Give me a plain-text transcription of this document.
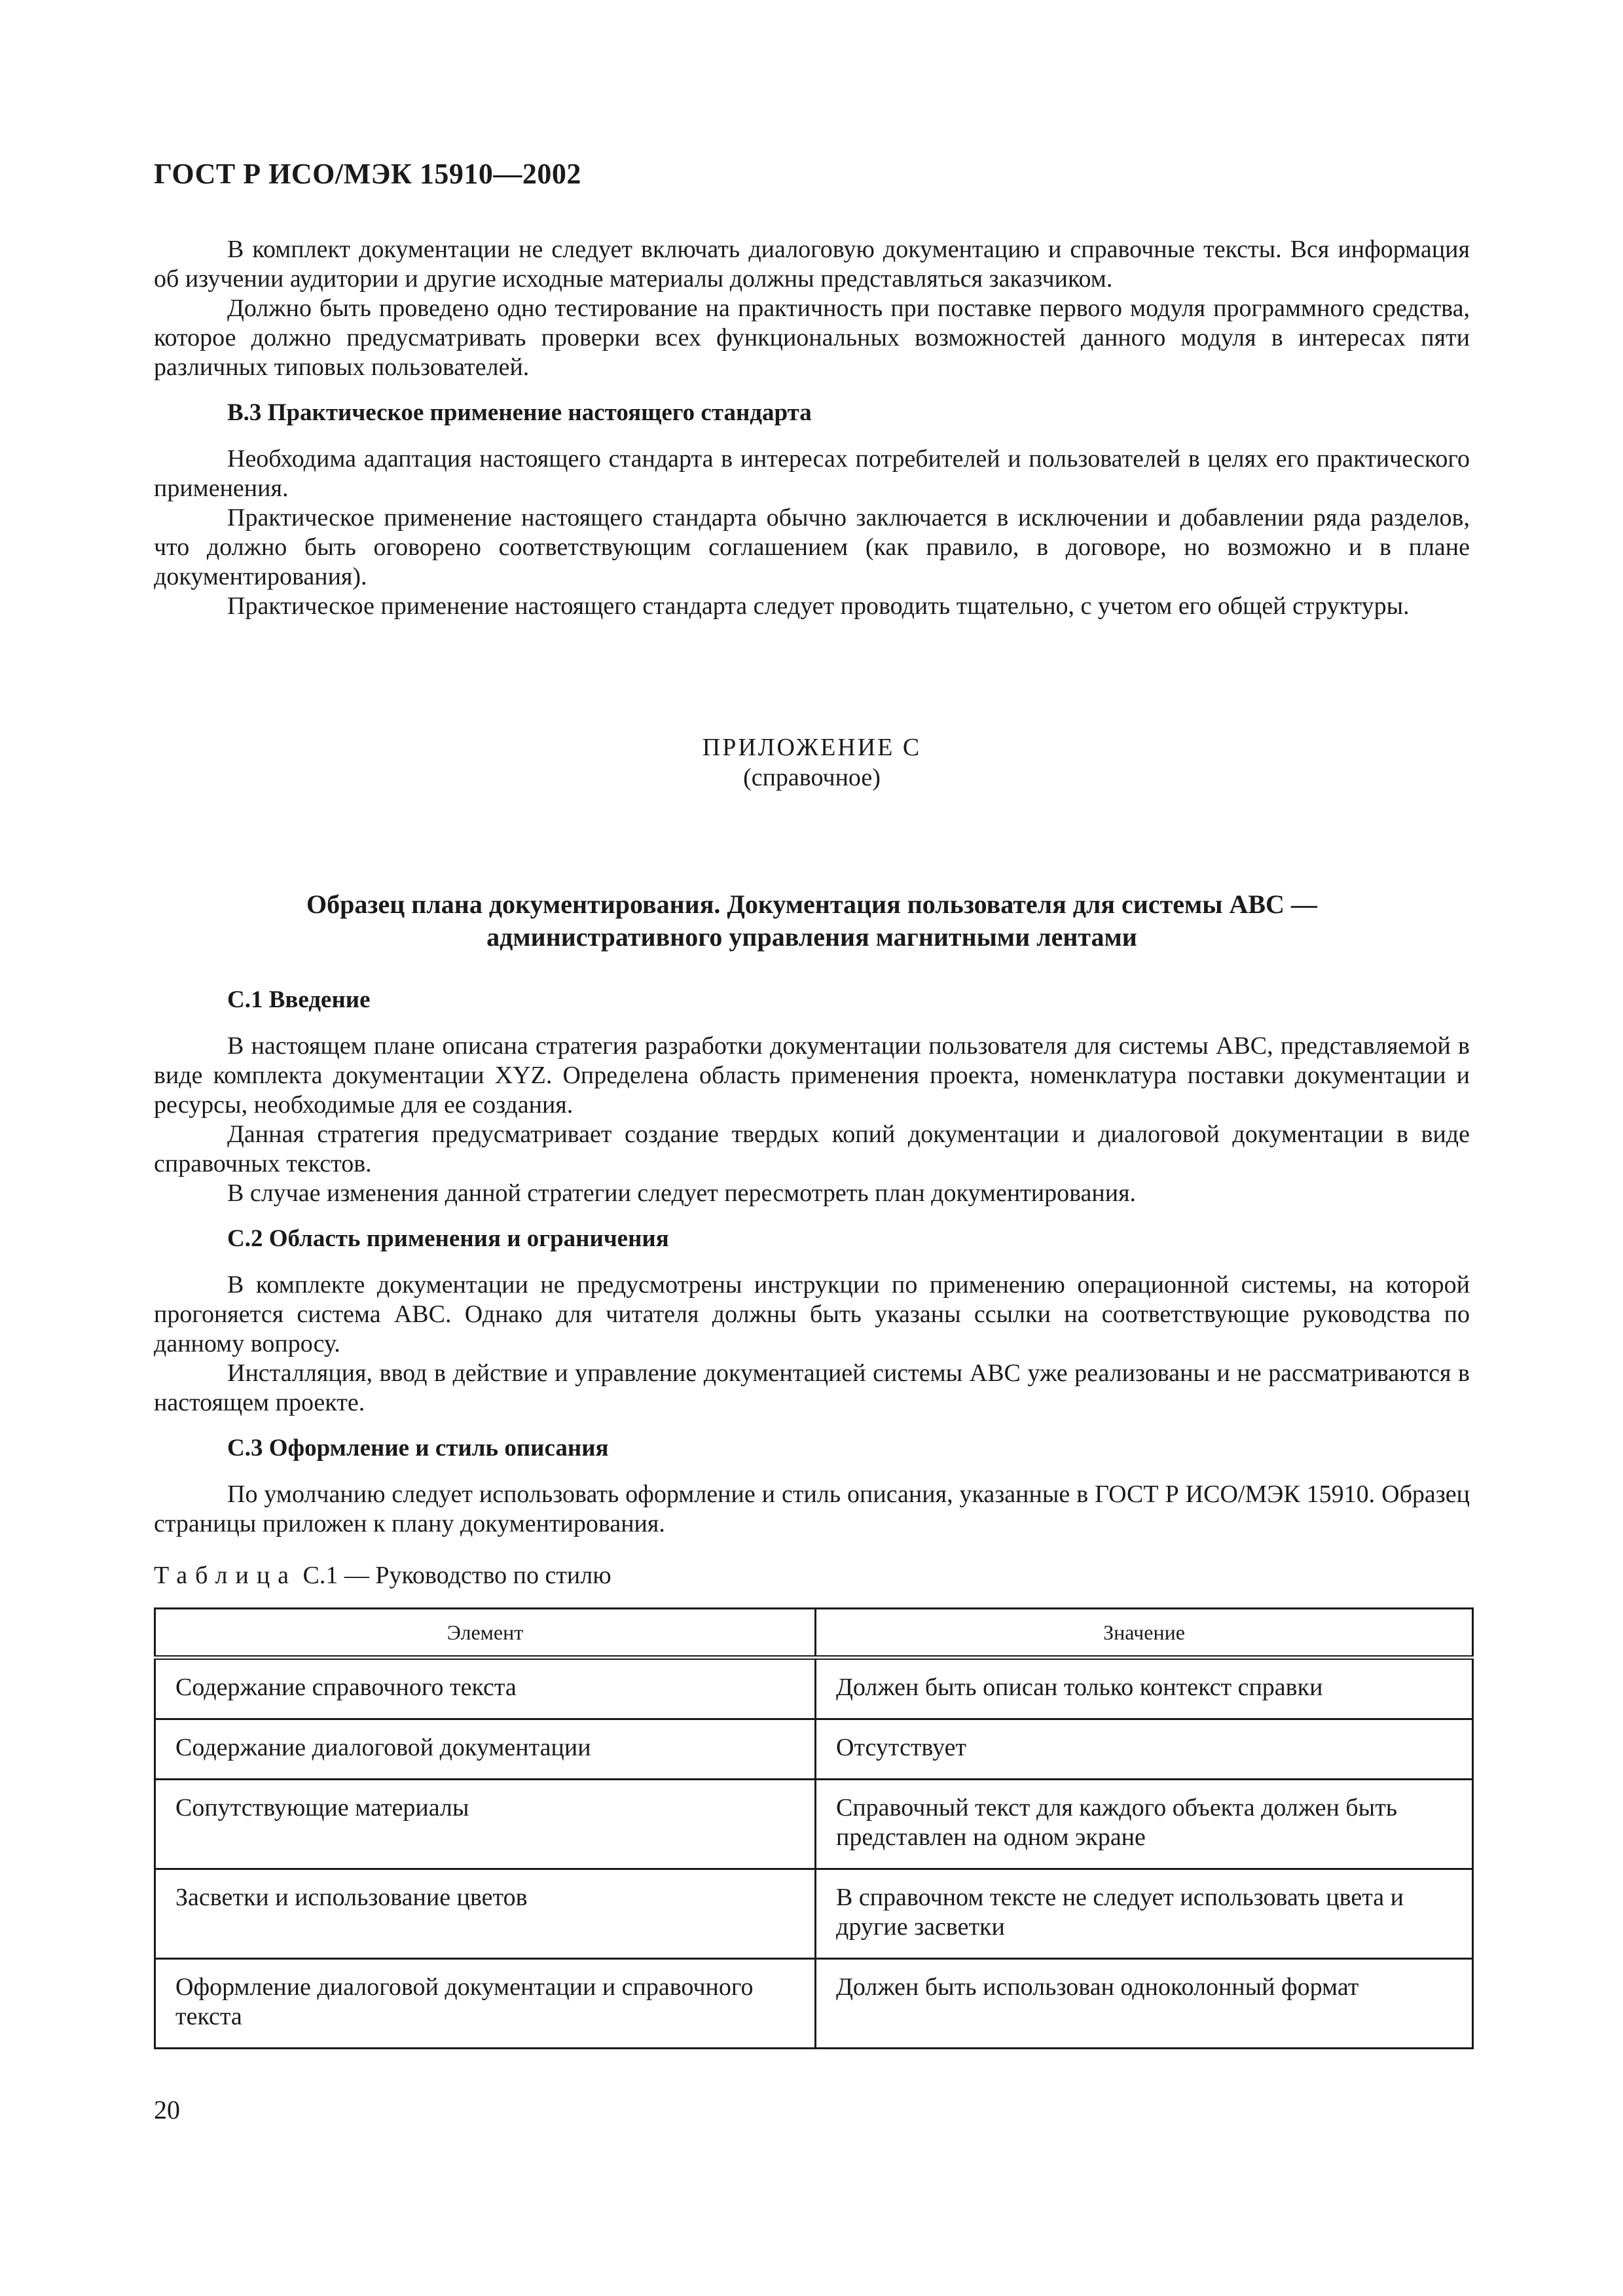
ГОСТ Р ИСО/МЭК 15910—2002

В комплект документации не следует включать диалоговую документацию и справочные тексты. Вся информация об изучении аудитории и другие исходные материалы должны представляться заказчиком.

Должно быть проведено одно тестирование на практичность при поставке первого модуля программного средства, которое должно предусматривать проверки всех функциональных возможностей данного модуля в интересах пяти различных типовых пользователей.

В.3 Практическое применение настоящего стандарта

Необходима адаптация настоящего стандарта в интересах потребителей и пользователей в целях его практического применения.

Практическое применение настоящего стандарта обычно заключается в исключении и добавлении ряда разделов, что должно быть оговорено соответствующим соглашением (как правило, в договоре, но возможно и в плане документирования).

Практическое применение настоящего стандарта следует проводить тщательно, с учетом его общей структуры.

ПРИЛОЖЕНИЕ С
(справочное)
Образец плана документирования. Документация пользователя для системы АВС —
административного управления магнитными лентами
С.1 Введение

В настоящем плане описана стратегия разработки документации пользователя для системы АВС, представляемой в виде комплекта документации XYZ. Определена область применения проекта, номенклатура поставки документации и ресурсы, необходимые для ее создания.

Данная стратегия предусматривает создание твердых копий документации и диалоговой документации в виде справочных текстов.

В случае изменения данной стратегии следует пересмотреть план документирования.

С.2 Область применения и ограничения

В комплекте документации не предусмотрены инструкции по применению операционной системы, на которой прогоняется система АВС. Однако для читателя должны быть указаны ссылки на соответствующие руководства по данному вопросу.

Инсталляция, ввод в действие и управление документацией системы АВС уже реализованы и не рассматриваются в настоящем проекте.

С.3 Оформление и стиль описания

По умолчанию следует использовать оформление и стиль описания, указанные в ГОСТ Р ИСО/МЭК 15910. Образец страницы приложен к плану документирования.

Таблица С.1 — Руководство по стилю
Элемент	Значение
Содержание справочного текста	Должен быть описан только контекст справки
Содержание диалоговой документации	Отсутствует
Сопутствующие материалы	Справочный текст для каждого объекта должен быть представлен на одном экране
Засветки и использование цветов	В справочном тексте не следует использовать цвета и другие засветки
Оформление диалоговой документации и справочного текста	Должен быть использован одноколонный формат
20
